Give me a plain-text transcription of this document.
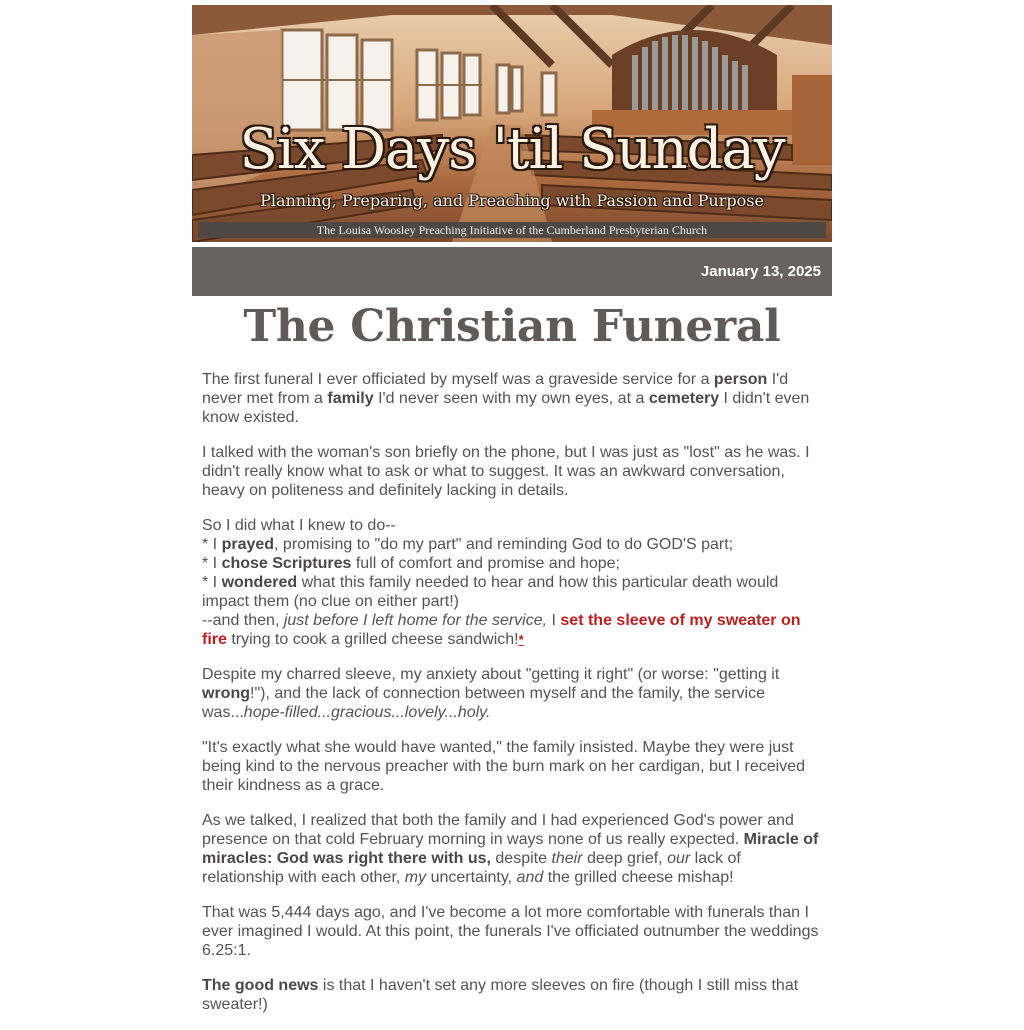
Six Days 'til Sunday
Planning, Preparing, and Preaching with Passion and Purpose
The Louisa Woosley Preaching Initiative of the Cumberland Presbyterian Church
January 13, 2025
The Christian Funeral

The first funeral I ever officiated by myself was a graveside service for a person I'd never met from a family I'd never seen with my own eyes, at a cemetery I didn't even know existed.

I talked with the woman's son briefly on the phone, but I was just as "lost" as he was. I didn't really know what to ask or what to suggest. It was an awkward conversation, heavy on politeness and definitely lacking in details.

So I did what I knew to do--
* I prayed, promising to "do my part" and reminding God to do GOD'S part;
* I chose Scriptures full of comfort and promise and hope;
* I wondered what this family needed to hear and how this particular death would impact them (no clue on either part!)
--and then, just before I left home for the service, I set the sleeve of my sweater on fire trying to cook a grilled cheese sandwich!*

Despite my charred sleeve, my anxiety about "getting it right" (or worse: "getting it wrong!"), and the lack of connection between myself and the family, the service was...hope-filled...gracious...lovely...holy.

"It's exactly what she would have wanted," the family insisted. Maybe they were just being kind to the nervous preacher with the burn mark on her cardigan, but I received their kindness as a grace.

As we talked, I realized that both the family and I had experienced God's power and presence on that cold February morning in ways none of us really expected. Miracle of miracles: God was right there with us, despite their deep grief, our lack of relationship with each other, my uncertainty, and the grilled cheese mishap!

That was 5,444 days ago, and I've become a lot more comfortable with funerals than I ever imagined I would. At this point, the funerals I've officiated outnumber the weddings 6.25:1.

The good news is that I haven't set any more sleeves on fire (though I still miss that sweater!)
